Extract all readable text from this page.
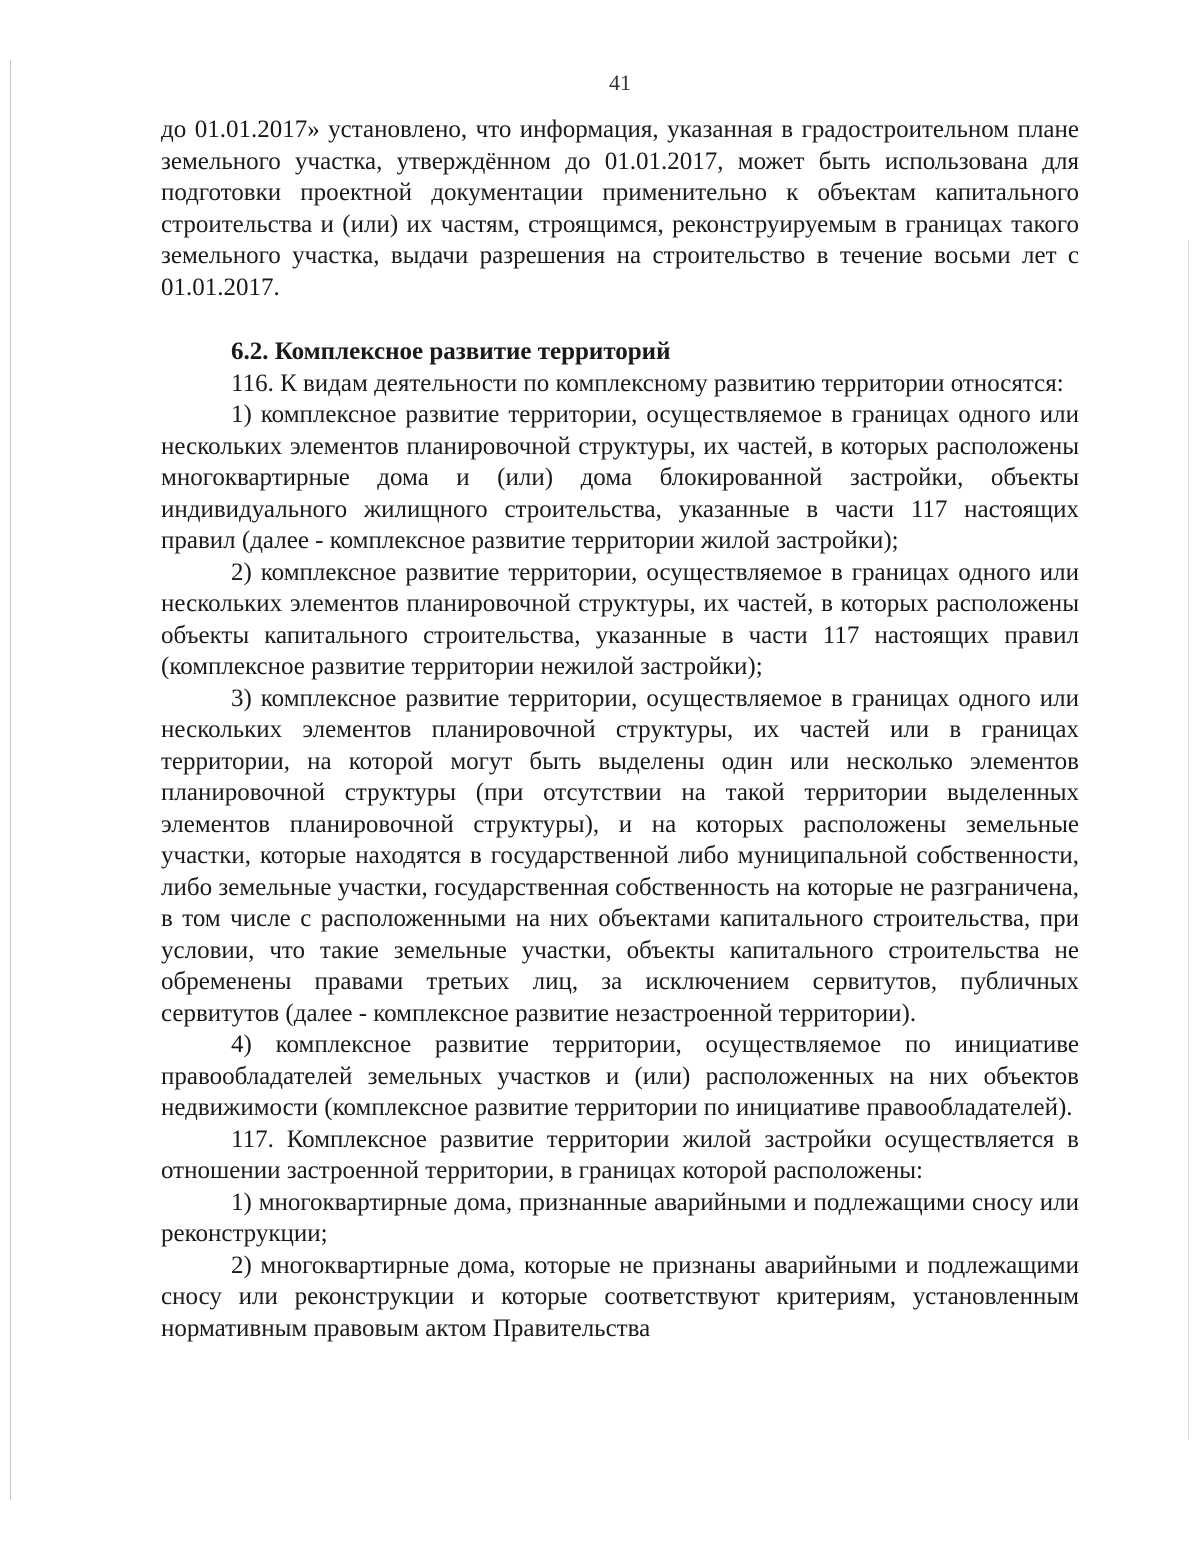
41

до 01.01.2017» установлено, что информация, указанная в градостроительном плане земельного участка, утверждённом до 01.01.2017, может быть использована для подготовки проектной документации применительно к объектам капитального строительства и (или) их частям, строящимся, реконструируемым в границах такого земельного участка, выдачи разрешения на строительство в течение восьми лет с 01.01.2017.

6.2. Комплексное развитие территорий

116. К видам деятельности по комплексному развитию территории относятся:

1) комплексное развитие территории, осуществляемое в границах одного или нескольких элементов планировочной структуры, их частей, в которых расположены многоквартирные дома и (или) дома блокированной застройки, объекты индивидуального жилищного строительства, указанные в части 117 настоящих правил (далее - комплексное развитие территории жилой застройки);

2) комплексное развитие территории, осуществляемое в границах одного или нескольких элементов планировочной структуры, их частей, в которых расположены объекты капитального строительства, указанные в части 117 настоящих правил (комплексное развитие территории нежилой застройки);

3) комплексное развитие территории, осуществляемое в границах одного или нескольких элементов планировочной структуры, их частей или в границах территории, на которой могут быть выделены один или несколько элементов планировочной структуры (при отсутствии на такой территории выделенных элементов планировочной структуры), и на которых расположены земельные участки, которые находятся в государственной либо муниципальной собственности, либо земельные участки, государственная собственность на которые не разграничена, в том числе с расположенными на них объектами капитального строительства, при условии, что такие земельные участки, объекты капитального строительства не обременены правами третьих лиц, за исключением сервитутов, публичных сервитутов (далее - комплексное развитие незастроенной территории).

4) комплексное развитие территории, осуществляемое по инициативе правообладателей земельных участков и (или) расположенных на них объектов недвижимости (комплексное развитие территории по инициативе правообладателей).

117. Комплексное развитие территории жилой застройки осуществляется в отношении застроенной территории, в границах которой расположены:

1) многоквартирные дома, признанные аварийными и подлежащими сносу или реконструкции;

2) многоквартирные дома, которые не признаны аварийными и подлежащими сносу или реконструкции и которые соответствуют критериям, установленным нормативным правовым актом Правительства
